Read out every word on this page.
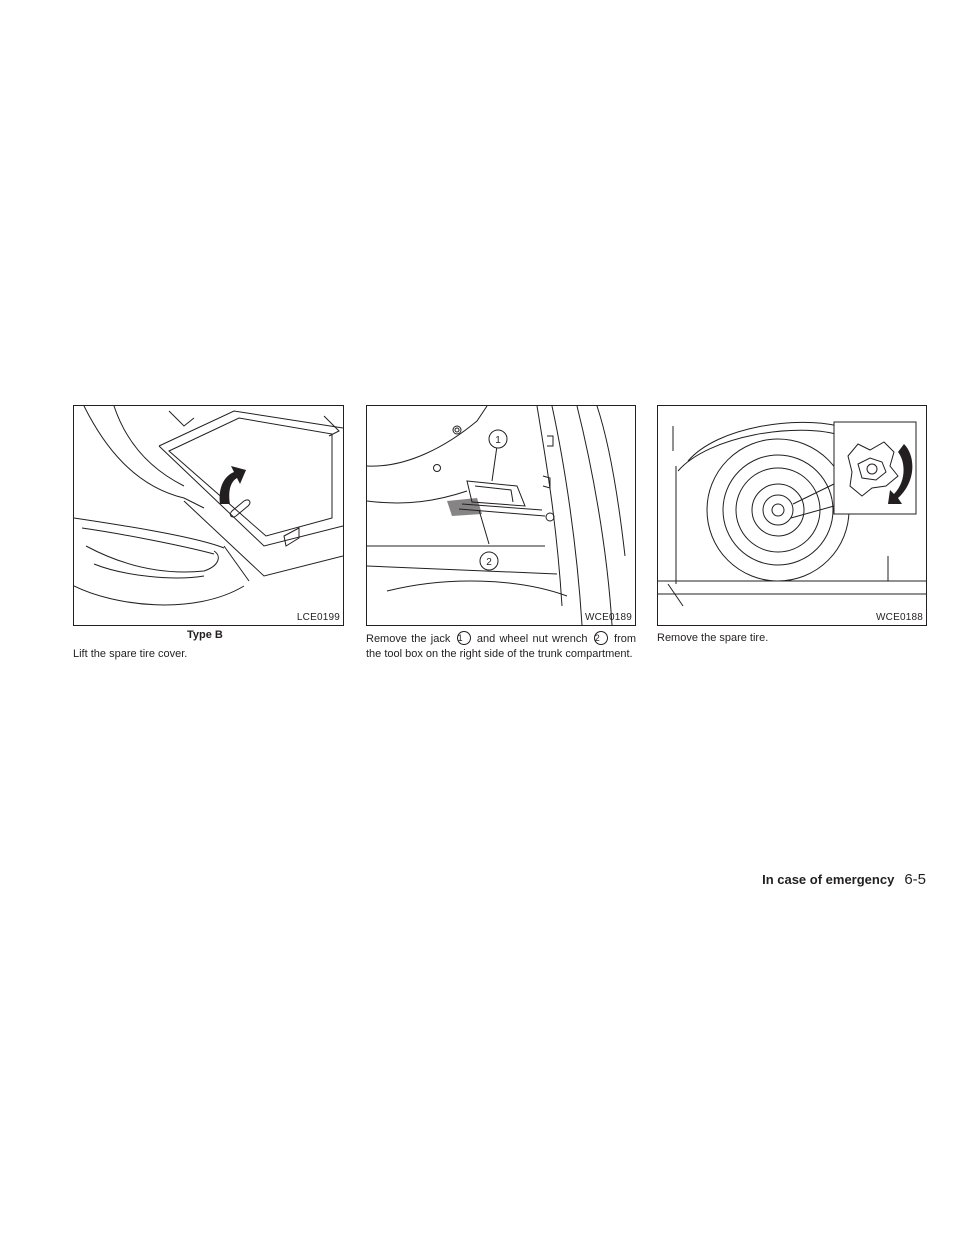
LCE0199
Type B
Lift the spare tire cover.
1
2
WCE0189
Remove the jack 1 and wheel nut wrench 2 from the tool box on the right side of the trunk compartment.
WCE0188
Remove the spare tire.
In case of emergency 6-5
